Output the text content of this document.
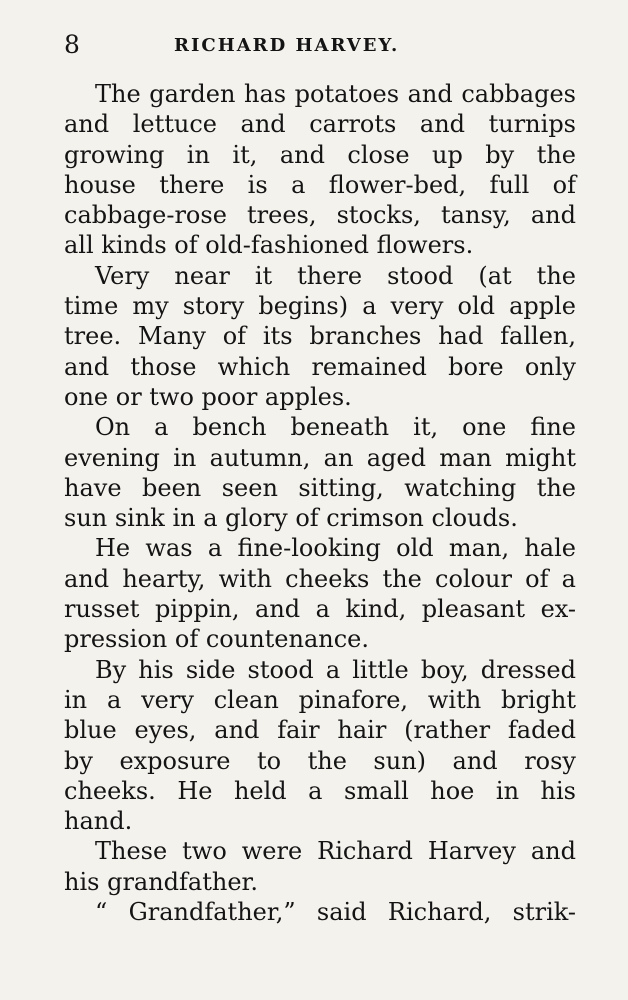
8	RICHARD HARVEY.
The garden has potatoes and cabbages
and lettuce and carrots and turnips
growing in it, and close up by the
house there is a flower-bed, full of
cabbage-rose trees, stocks, tansy, and
all kinds of old-fashioned flowers.
Very near it there stood (at the
time my story begins) a very old apple
tree. Many of its branches had fallen,
and those which remained bore only
one or two poor apples.
On a bench beneath it, one fine
evening in autumn, an aged man might
have been seen sitting, watching the
sun sink in a glory of crimson clouds.
He was a fine-looking old man, hale
and hearty, with cheeks the colour of a
russet pippin, and a kind, pleasant ex-
pression of countenance.
By his side stood a little boy, dressed
in a very clean pinafore, with bright
blue eyes, and fair hair (rather faded
by exposure to the sun) and rosy
cheeks. He held a small hoe in his
hand.
These two were Richard Harvey and
his grandfather.
“ Grandfather,” said Richard, strik-
